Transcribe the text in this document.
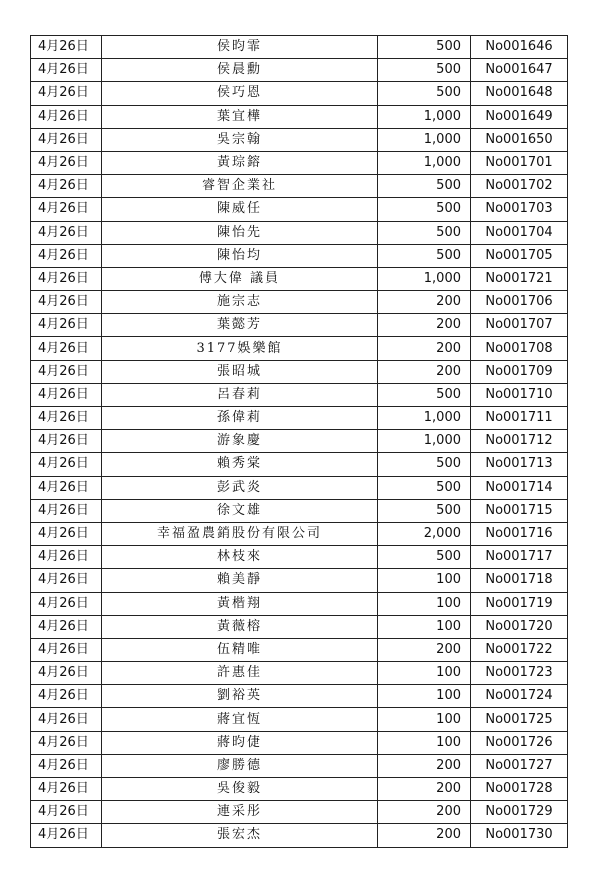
4月26日	侯昀霏	500	No001646
4月26日	侯晨勳	500	No001647
4月26日	侯巧恩	500	No001648
4月26日	葉宜樺	1,000	No001649
4月26日	吳宗翰	1,000	No001650
4月26日	黃琮鎔	1,000	No001701
4月26日	睿智企業社	500	No001702
4月26日	陳威任	500	No001703
4月26日	陳怡先	500	No001704
4月26日	陳怡均	500	No001705
4月26日	傅大偉 議員	1,000	No001721
4月26日	施宗志	200	No001706
4月26日	葉懿芳	200	No001707
4月26日	3177娛樂館	200	No001708
4月26日	張昭城	200	No001709
4月26日	呂春莉	500	No001710
4月26日	孫偉莉	1,000	No001711
4月26日	游象慶	1,000	No001712
4月26日	賴秀棠	500	No001713
4月26日	彭武炎	500	No001714
4月26日	徐文雄	500	No001715
4月26日	幸福盈農銷股份有限公司	2,000	No001716
4月26日	林枝來	500	No001717
4月26日	賴美靜	100	No001718
4月26日	黃楷翔	100	No001719
4月26日	黃薇榕	100	No001720
4月26日	伍精唯	200	No001722
4月26日	許惠佳	100	No001723
4月26日	劉裕英	100	No001724
4月26日	蔣宜恆	100	No001725
4月26日	蔣昀倢	100	No001726
4月26日	廖勝德	200	No001727
4月26日	吳俊毅	200	No001728
4月26日	連采彤	200	No001729
4月26日	張宏杰	200	No001730
